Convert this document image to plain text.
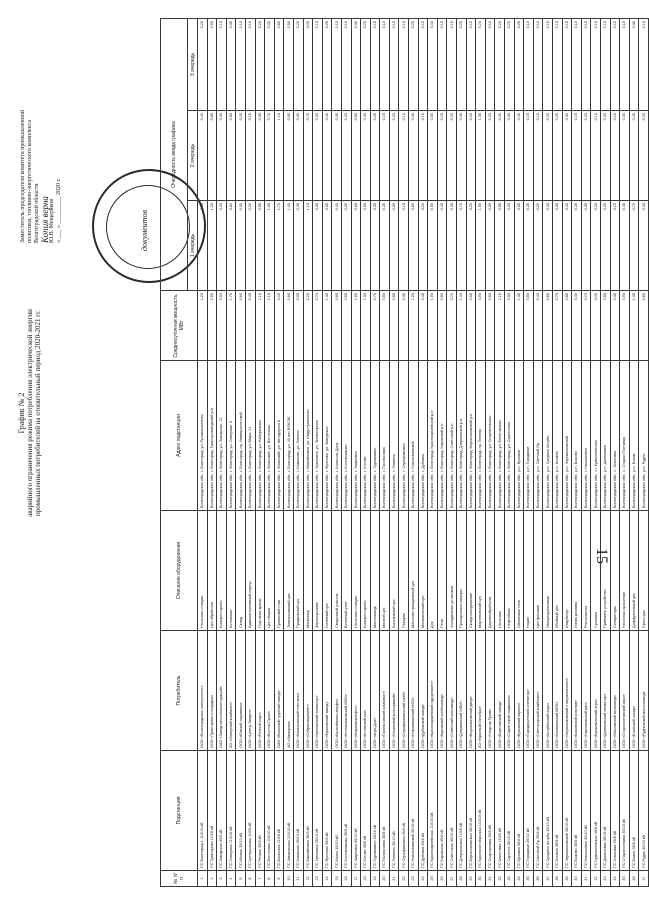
График № 2 аварийного ограничения режима потребления электрической энергии промышленных потребителей на отопительный период 2020-2021 гг.
Заместитель председателя комитета промышленной политики, топливно-энергетического комплекса Волгоградской области Копия верна Ю.В. Мещеряков « ___ » _________ 2020 г.	документов
№ п/п	Подстанция	Потребитель	Описание оборудования	Адрес подстанции	Среднесуточная мощность, МВт	Очерёдность ввода графика		
						1 очередь	2 очередь	3 очередь
1	ПС Волгоград-1 110/10 кВ	ООО «Волгоградская электросеть»	Насосная станция	Волгоградская обл., г. Волгоград, ул. Промышленная	1.20	0.60	0.40	0.20
2	ПС Тракторная 110/6 кВ	ООО «Тракторная площадка»	Цех обработки	Волгоградская обл., г. Волгоград, Тракторозаводский р-н	2.50	1.20	0.80	0.50
3	ПС Заводская 35/6 кВ	ОАО «Завод металлоконструкций»	Компрессорная	Волгоградская обл., г. Волгоград, ул. Заводская, 12	0.90	0.45	0.30	0.15
4	ПС Северная 110/10 кВ	АО «Северный комбинат»	Котельная	Волгоградская обл., г. Волгоград, ул. Северная, 5	1.75	0.80	0.60	0.35
5	ПС Южная 35/10 кВ	ООО «Южный терминал»	Склад	Волгоградская обл., г. Волгоград, пр. Университетский	0.60	0.30	0.20	0.10
6	ПС Центральная 110/6 кВ	ООО «Центр-Энерго»	Административный корпус	Волгоградская обл., г. Волгоград, ул. Мира, 21	0.45	0.20	0.15	0.10
7	ПС Речная 35/6 кВ	ООО «Речной порт»	Портовые краны	Волгоградская обл., г. Волгоград, ул. Набережная	1.10	0.55	0.35	0.20
8	ПС Восточная 110/10 кВ	ООО «Восток-Пром»	Цех сборки	Волгоградская обл., г. Волжский, ул. Восточная	2.10	1.00	0.70	0.40
9	ПС Волжская 110/6 кВ	ОАО «Волжский трубный завод»	Прокатный стан	Волгоградская обл., г. Волжский, ул. Автодорога 6	3.40	1.70	1.10	0.60
10	ПС Химическая 110/10 кВ	АО «Химпром»	Электролизный цех	Волгоградская обл., г. Волгоград, ул. 40 лет ВЛКСМ	2.80	1.40	0.90	0.50
11	ПС Камышин 35/10 кВ	ООО «Камышинский текстиль»	Прядильный цех	Волгоградская обл., г. Камышин, ул. Ленина	0.95	0.45	0.30	0.20
12	ПС Михайловка 35/6 кВ	ООО «Себряковцемент»	Мельница	Волгоградская обл., г. Михайловка, ул. Индустриальная	2.20	1.10	0.70	0.40
13	ПС Урюпинск 35/10 кВ	ООО «Урюпинский элеватор»	Зерносушилка	Волгоградская обл., г. Урюпинск, ул. Элеваторная	0.70	0.35	0.20	0.15
14	ПС Фролово 35/6 кВ	ООО «Фроловский завод»	Литейный цех	Волгоградская обл., г. Фролово, ул. Заводская	1.30	0.65	0.40	0.25
15	ПС Калач 35/10 кВ	ООО «Калачёвская верфь»	Сварочный участок	Волгоградская обл., г. Калач-на-Дону	0.85	0.40	0.30	0.15
16	ПС Котельниково 35/6 кВ	ООО «Котельниковский ЖБИ»	Бетонный узел	Волгоградская обл., г. Котельниково	0.55	0.25	0.20	0.10
17	ПС Жирновск 35/10 кВ	ООО «Жирновскнефть»	Насосная станция	Волгоградская обл., г. Жирновск	1.60	0.80	0.50	0.30
18	ПС Котово 35/6 кВ	ООО «Котовский газ»	Компрессорная	Волгоградская обл., г. Котово	1.05	0.50	0.35	0.20
19	ПС Суровикино 35/10 кВ	ООО «Агро-Дон»	Маслозавод	Волгоградская обл., г. Суровикино	0.75	0.35	0.25	0.15
20	ПС Палласовка 35/6 кВ	ООО «Палласовский комбинат»	Мясной цех	Волгоградская обл., г. Палласовка	0.50	0.25	0.15	0.10
21	ПС Ленинск 35/10 кВ	ООО «Ленинский консервный»	Консервный цех	Волгоградская обл., г. Ленинск	0.65	0.30	0.20	0.15
22	ПС Серафимович 35/6 кВ	ООО «Серафимовичский хлеб»	Пекарня	Волгоградская обл., г. Серафимович	0.35	0.15	0.10	0.10
23	ПС Новоаннинский 35/10 кВ	ООО «Новоаннинский МЭЗ»	Маслоэкстракционный цех	Волгоградская обл., г. Новоаннинский	1.25	0.60	0.40	0.25
24	ПС Дубовка 35/6 кВ	ООО «Дубовский завод»	Механический цех	Волгоградская обл., г. Дубовка	0.45	0.20	0.15	0.10
25	ПС Красноармейская 110/10 кВ	ООО «Красноармейский судоремонт»	Док	Волгоградская обл., г. Волгоград, Красноармейский р-н	1.90	0.90	0.60	0.40
26	ПС Кировская 35/6 кВ	ООО «Кировский хлебозавод»	Печи	Волгоградская обл., г. Волгоград, Кировский р-н	0.80	0.40	0.25	0.15
27	ПС Советская 35/10 кВ	ООО «Советский молзавод»	Холодильная установка	Волгоградская обл., г. Волгоград, Советский р-н	0.70	0.35	0.20	0.15
28	ПС Дзержинская 110/6 кВ	ООО «Дзержинский ЖБИ»	Пропарочные камеры	Волгоградская обл., г. Волгоград, Дзержинский р-н	1.40	0.70	0.45	0.25
29	ПС Ворошиловская 35/10 кВ	ООО «Ворошиловский двор»	Склад-холодильник	Волгоградская обл., г. Волгоград, Ворошиловский р-н	0.55	0.25	0.20	0.10
30	ПС Краснооктябрьская 110/10 кВ	АО «Красный Октябрь»	Мартеновский цех	Волгоградская обл., г. Волгоград, пр. Ленина	3.90	1.90	1.30	0.70
31	ПС Спартановка 35/6 кВ	ООО «Спартак-Пром»	Деревообработка	Волгоградская обл., г. Волгоград, ул. Спартановская	0.60	0.30	0.20	0.10
32	ПС Бекетовка 110/6 кВ	ООО «Бекетовский завод»	Насосная	Волгоградская обл., г. Волгоград, ул. Бекетовская	1.15	0.55	0.40	0.20
33	ПС Сарепта 35/10 кВ	ООО «Сарептский терминал»	Нефтебаза	Волгоградская обл., г. Волгоград, ул. Сарептская	0.95	0.45	0.30	0.20
34	ПС Ерзовка 35/6 кВ	ООО «Ерзовский кирпич»	Обжиговая печь	Волгоградская обл., р.п. Ерзовка	1.35	0.65	0.45	0.25
35	ПС Городище 35/10 кВ	ООО «Городищенский элеватор»	Нория	Волгоградская обл., р.п. Городище	0.50	0.25	0.15	0.10
36	ПС Светлый Яр 35/6 кВ	ООО «Светлоярский комбинат»	Цех фасовки	Волгоградская обл., р.п. Светлый Яр	0.40	0.20	0.10	0.10
37	ПС Средняя Ахтуба 35/10 кВ	ООО «Ахтубинский агро»	Овощехранилище	Волгоградская обл., р.п. Средняя Ахтуба	0.65	0.30	0.20	0.15
38	ПС Иловля 35/6 кВ	ООО «Иловлинский МПК»	Убойный цех	Волгоградская обл., р.п. Иловля	0.75	0.35	0.25	0.15
39	ПС Чернышковский 35/10 кВ	ООО «Чернышковский птицекомплекс»	Инкубатор	Волгоградская обл., р.п. Чернышковский	0.85	0.40	0.30	0.15
40	ПС Быково 35/6 кВ	ООО «Быковский консерв»	Линия розлива	Волгоградская обл., р.п. Быково	0.45	0.20	0.15	0.10
41	ПС Николаевск 35/10 кВ	ООО «Николаевский рис»	Рисоочистка	Волгоградская обл., г. Николаевск	0.70	0.35	0.20	0.15
42	ПС Кумылженская 35/6 кВ	ООО «Кумылженский агро»	Сушилка	Волгоградская обл., ст. Кумылженская	0.40	0.20	0.10	0.10
43	ПС Даниловка 35/10 кВ	ООО «Даниловский элеватор»	Приёмное устройство	Волгоградская обл., р.п. Даниловка	0.55	0.25	0.20	0.10
44	ПС Ольховка 35/6 кВ	ООО «Ольховский молзавод»	Сепараторы	Волгоградская обл., с. Ольховка	0.35	0.15	0.10	0.10
45	ПС Старополтавка 35/10 кВ	ООО «Старополтавский агро»	Насосная орошения	Волгоградская обл., с. Старая Полтавка	0.90	0.45	0.30	0.15
46	ПС Елань 35/6 кВ	ООО «Еланский сахар»	Диффузионный цех	Волгоградская обл., р.п. Елань	1.45	0.70	0.45	0.30
47	ПС Рудня 35/10 кВ	ООО «Руднянский маслозавод»	Пресс-цех	Волгоградская обл., р.п. Рудня	0.60	0.30	0.20	0.10
15
